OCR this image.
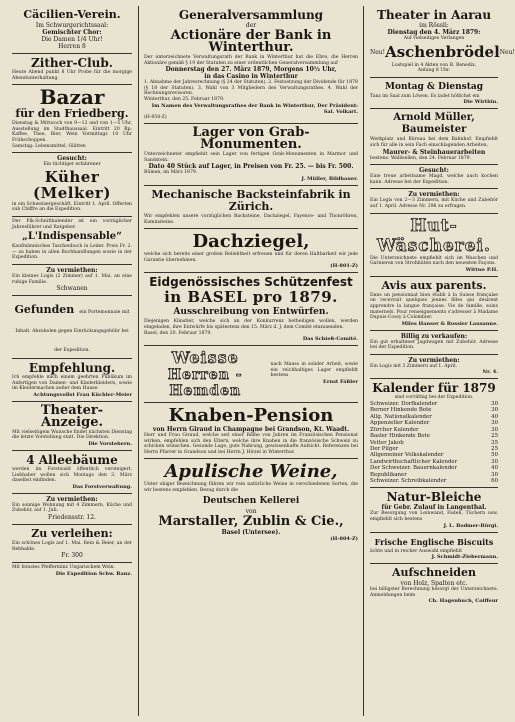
Cäcilien-Verein.
Im Schwurgerichtssaal:
Gemischter Chor:
Die Damen 1/4 Uhr!
Herren 8
Zither-Club.
Heute Abend punkt 8 Uhr Probe für die morgige Abendunterhaltung.
Bazar
für den Friedberg.
Dienstag & Mittwoch von 9—12 und von 1—5 Uhr, Ausstellung im Stadthaussaal. Eintritt 20 Rp. Kaffee, Thee, Bier, Wein Vormittags 10 Uhr Frühschoppen.
Samstag: Lebensmittel, Glätten
Gesucht:
Ein tüchtiger erfahrener
Küher (Melker)
in ein Schweizergeschäft, Eintritt 1. April. Offerten sub Chiffre an die Expedition.
Der Pik-Schnittkalender ist ein vorzüglicher Jahresführer und Ratgeber.
„L'Indispensable“
Kaufmännisches Taschenbuch in Leder. Preis Fr. 2. — zu haben in allen Buchhandlungen sowie in der Expedition.
Zu vermiethen:
Ein kleines Logis (2 Zimmer) auf 1. Mai, an eine ruhige Familie.
Schwanen
Gefunden ein Portemonnaie mit Inhalt. Abzuholen gegen Einrückungsgebühr bei der Expedition.
Empfehlung.
Ich empfehle mich einem geehrten Publikum im Anfertigen von Damen- und Kinderkleidern, sowie im Kleidermachen außer dem Hause.
Achtungsvollst Frau Küchler-Meier
Theater-Anzeige.
Mit vielseitigem Wunsche findet nächsten Dienstag die letzte Vorstellung statt. Die Direktion.
Die Vorstehern.
4 Alleebäume
werden im Forstwald öffentlich versteigert. Liebhaber wollen sich Montags den 3. März daselbst einfinden.
Das Forstverwaltung.
Zu vermiethen:
Ein sonnige Wohnung mit 4 Zimmern, Küche und Zubehör, auf 1. Juli.
Friedensstr. 12.
Zu verleihen:
Ein schönes Logis auf 1. Mai. Rein & Beier, an der Rebhalde.
Fr. 300
Mit feinstes Pfefferminz Ungarischem Wein.
Die Expedition Schw. Ranz.
Generalversammlung
der
Actionäre der Bank in Winterthur.
Der unterzeichnete Verwaltungsrath der Bank in Winterthur hat die Ehre, die Herren Aktionäre gemäß § 19 der Statuten zu einer ordentlichen Generalversammlung auf
Donnerstag den 27. März 1879, Morgens 10½ Uhr,
in das Casino in Winterthur
1. Abnahme der Jahresrechnung (§ 24 der Statuten). 2. Festsetzung der Dividende für 1878 (§ 18 der Statuten). 3. Wahl von 3 Mitgliedern des Verwaltungsrathes. 4. Wahl der Rechnungsrevisoren.
Winterthur, den 25. Februar 1879.
Im Namen des Verwaltungsrathes der Bank in Winterthur, Der Präsident: Sal. Volkart.
(H-858-Z)
Lager von Grab-Monumenten.
Unterzeichneter empfiehlt sein Lager von fertigen Grab-Monumenten in Marmor und Sandstein.
Dato 40 Stück auf Lager, in Preisen von Fr. 25. — bis Fr. 500.
Bümen, im März 1879.
J. Müller, Bildhauer.
Mechanische Backsteinfabrik in Zürich.
Wir empfehlen unsere vorzüglichen Backsteine, Dachziegel, Fayence- und Thonröhren, Kaminsteine.
Dachziegel,
welche sich bereits einer großen Beliebtheit erfreuen und für deren Haltbarkeit wir jede Garantie übernehmen.
(H-801-Z)
Eidgenössisches Schützenfest
in BASEL pro 1879.
Ausschreibung von Entwürfen.
Diejenigen Künstler, welche sich an der Konkurrenz betheiligen wollen, werden eingeladen, ihre Entwürfe bis spätestens den 15. März d. J. dem Comité einzusenden.
Basel, den 20. Februar 1879.
Das Schieß-Comité.
Weisse
Herren - Hemden
nach Maass in solider Arbeit, sowie ein reichhaltiges Lager empfiehlt bestens
Ernst Fäßler
Knaben-Pension
von Herrn Giraud in Champagne bei Grandson, Kt. Waadt.
Herr und Frau Giraud, welche seit einer Reihe von Jahren im Französischen Pensionat wirken, empfehlen sich den Eltern, welche ihre Knaben in die französische Schweiz zu schicken wünschen. Gesunde Lage, gute Nahrung, gewissenhafte Aufsicht. Referenzen bei Herrn Pfarrer in Grandson und bei Herrn J. Hirzel in Winterthur.
Apulische Weine,
Unter obiger Bezeichnung führen wir rein natürliche Weine in verschiedenen Sorten, die wir bestens empfehlen. Bezug durch die
Deutschen Kellerei
von
Marstaller, Zublin & Cie.,
Basel (Untersee).
(H-804-Z)
Theater in Aarau
im Rössli:
Dienstag den 4. März 1879:
Auf vielseitiges Verlangen
Neu! Aschenbrödel Neu!
Lustspiel in 4 Akten von R. Benedix.
Anfang 8 Uhr.
Montag & Dienstag
Tanz im Saal zum Löwen. Es ladet höflichst ein
Die Wirthin.
Arnold Müller, Baumeister
Werkplatz und Büreau bei dem Bahnhof. Empfiehlt sich für alle in sein Fach einschlagenden Arbeiten,
Maurer- & Steinhauerarbeiten
bestens. Wallisellen, den 24. Februar 1879.
Gesucht:
Eine treue arbeitsame Magd, welche auch kochen kann. Adresse bei der Expedition.
Zu vermiethen:
Ein Logis von 2—3 Zimmern, mit Küche und Zubehör auf 1. April. Adresse Nr. 298 zu erfragen.
Hut-Wäscherei.
Die Unterzeichnete empfiehlt sich im Waschen und Garnieren von Strohhüten nach den neuesten Façons.
Wittwe P.H.
Avis aux parents.
Dans un pensionnat bien établi à la Suisse française on recevrait quelques jeunes filles qui désirent apprendre la langue française. Vie de famille, soins maternels. Pour renseignements s'adresser à Madame Dupuis-Cossy à Colombier.
Mlles Hanser & Rossier Lausanne.
Billig zu verkaufen:
Ein gut erhaltener Jagdwagen mit Zubehör. Adresse bei der Expedition.
Zu vermiethen:
Ein Logis mit 3 Zimmern auf 1. April.
Nr. 4.
Kalender für 1879
sind vorräthig bei der Expedition.
Schweizer. Dorfkalender	30
Berner Hinkende Bote	30
Allg. Nationalkalender	40
Appenzeller Kalender	30
Zürcher Kalender	30
Basler Hinkende Bote	25
Vetter Jakob	35
Der Pilger	25
Allgemeiner Volkskalender	50
Landwirthschaftlicher Kalender	30
Der Schweizer. Bauernkalender	40
Republikaner	30
Schweizer. Schreibkalender	60
Natur-Bleiche
für Gebr. Zulauf in Langenthal.
Zur Besorgung von Leinwand, Faden, Tüchern usw. empfiehlt sich bestens
J. L. Bodmer-Bürgi.
Frische Englische Biscuits
ächte und in reicher Auswahl empfiehlt
J. Schmidt-Ziebermann.
Aufschneiden
von Holz, Spalten etc.
bei billigster Berechnung besorgt der Unterzeichnete. Anmeldungen beim
Ch. Hagenbuch, Coiffeur
